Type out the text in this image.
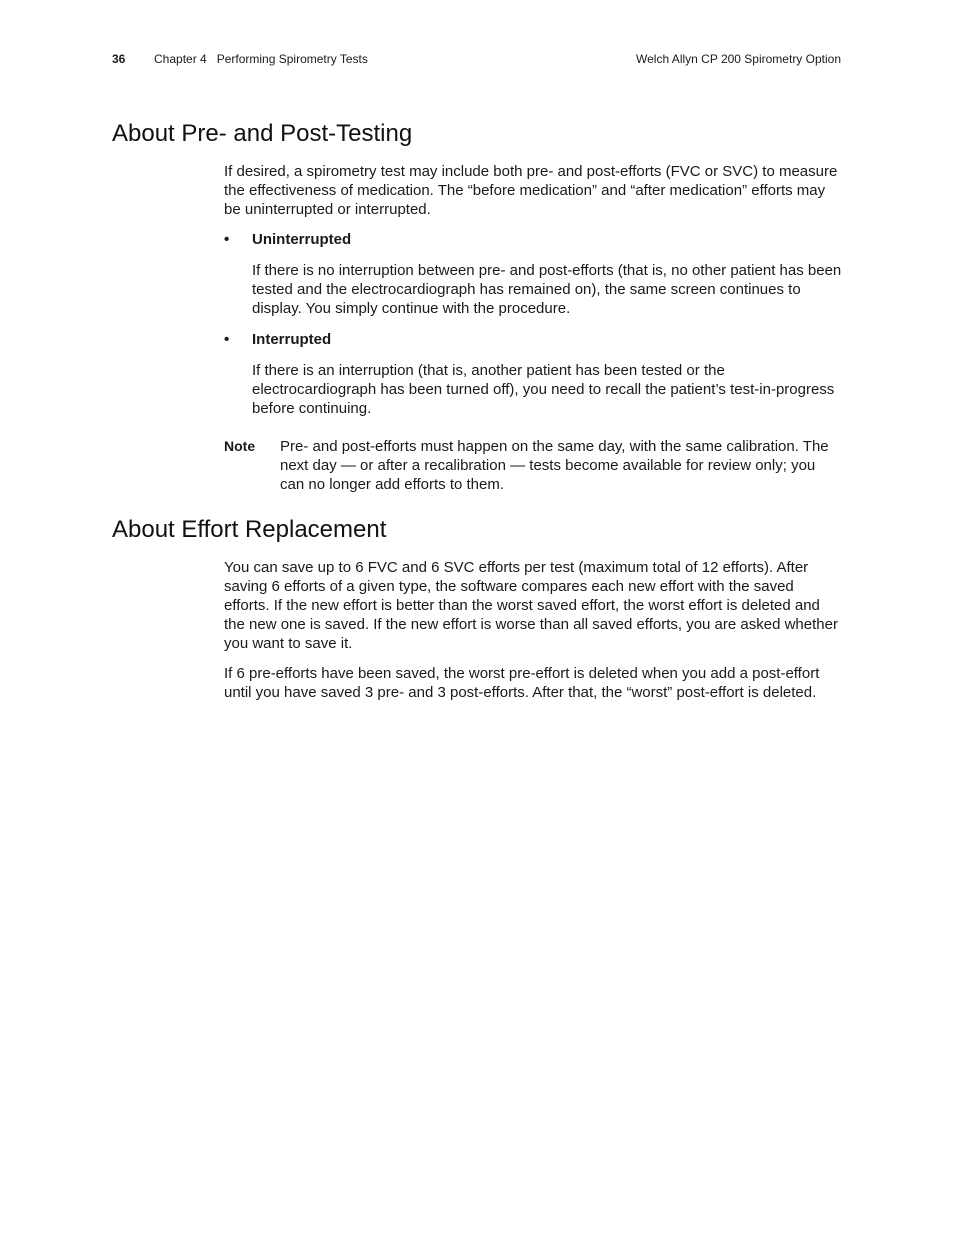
36 Chapter 4   Performing Spirometry Tests	Welch Allyn CP 200 Spirometry Option
About Pre- and Post-Testing

If desired, a spirometry test may include both pre- and post-efforts (FVC or SVC) to measure the effectiveness of medication. The “before medication” and “after medication” efforts may be uninterrupted or interrupted.

• Uninterrupted

If there is no interruption between pre- and post-efforts (that is, no other patient has been tested and the electrocardiograph has remained on), the same screen continues to display. You simply continue with the procedure.

• Interrupted

If there is an interruption (that is, another patient has been tested or the electrocardiograph has been turned off), you need to recall the patient’s test-in-progress before continuing.

Note Pre- and post-efforts must happen on the same day, with the same calibration. The next day — or after a recalibration — tests become available for review only; you can no longer add efforts to them.

About Effort Replacement

You can save up to 6 FVC and 6 SVC efforts per test (maximum total of 12 efforts). After saving 6 efforts of a given type, the software compares each new effort with the saved efforts. If the new effort is better than the worst saved effort, the worst effort is deleted and the new one is saved. If the new effort is worse than all saved efforts, you are asked whether you want to save it.

If 6 pre-efforts have been saved, the worst pre-effort is deleted when you add a post-effort until you have saved 3 pre- and 3 post-efforts. After that, the “worst” post-effort is deleted.
